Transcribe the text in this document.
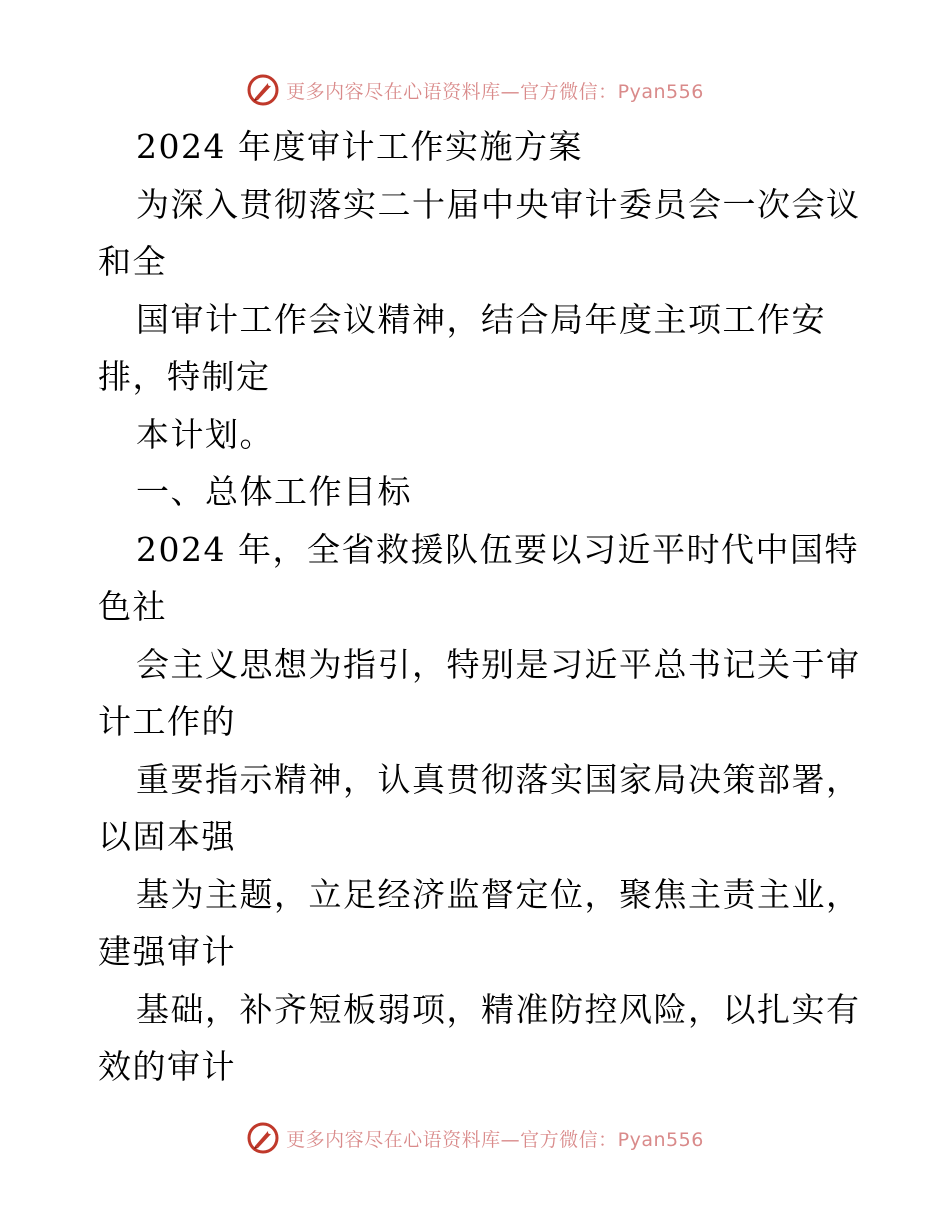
更多内容尽在心语资料库—官方微信：Pyan556
2024 年度审计工作实施方案
为深入贯彻落实二十届中央审计委员会一次会议
和全
国审计工作会议精神，结合局年度主项工作安
排，特制定
本计划。
一、总体工作目标
2024 年，全省救援队伍要以习近平时代中国特
色社
会主义思想为指引，特别是习近平总书记关于审
计工作的
重要指示精神，认真贯彻落实国家局决策部署，
以固本强
基为主题，立足经济监督定位，聚焦主责主业，
建强审计
基础，补齐短板弱项，精准防控风险，以扎实有
效的审计
更多内容尽在心语资料库—官方微信：Pyan556
